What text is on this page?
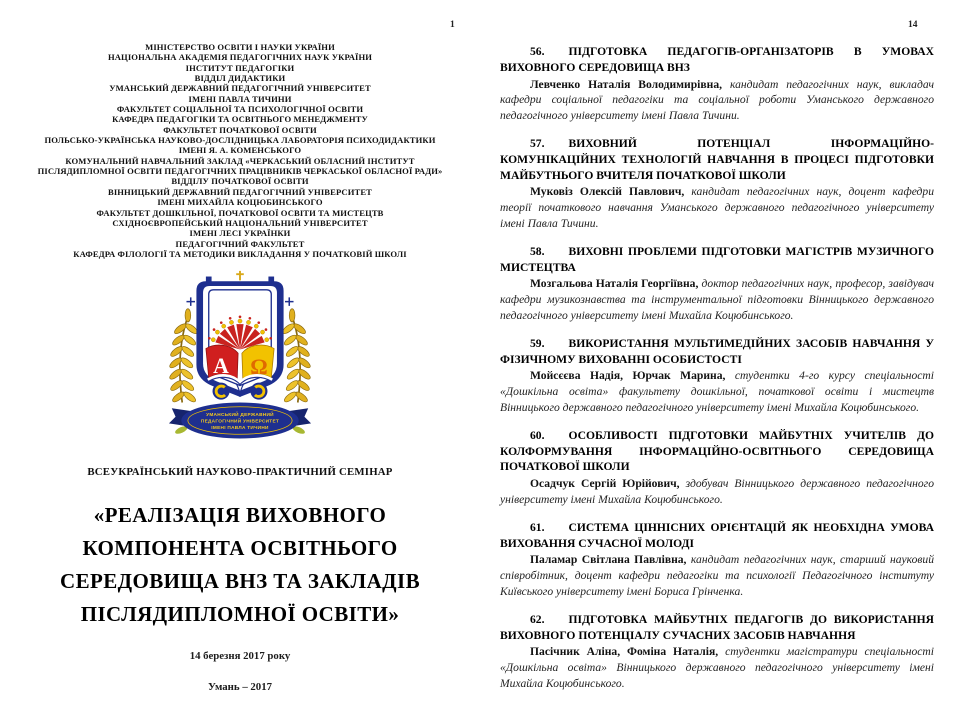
1
МІНІСТЕРСТВО ОСВІТИ І НАУКИ УКРАЇНИ
НАЦІОНАЛЬНА АКАДЕМІЯ ПЕДАГОГІЧНИХ НАУК УКРАЇНИ
ІНСТИТУТ ПЕДАГОГІКИ
ВІДДІЛ ДИДАКТИКИ
УМАНСЬКИЙ ДЕРЖАВНИЙ ПЕДАГОГІЧНИЙ УНІВЕРСИТЕТ
ІМЕНІ ПАВЛА ТИЧИНИ
ФАКУЛЬТЕТ СОЦІАЛЬНОЇ ТА ПСИХОЛОГІЧНОЇ ОСВІТИ
КАФЕДРА ПЕДАГОГІКИ ТА ОСВІТНЬОГО МЕНЕДЖМЕНТУ
ФАКУЛЬТЕТ ПОЧАТКОВОЇ ОСВІТИ
ПОЛЬСЬКО-УКРАЇНСЬКА НАУКОВО-ДОСЛІДНИЦЬКА ЛАБОРАТОРІЯ ПСИХОДИДАКТИКИ
ІМЕНІ Я. А. КОМЕНСЬКОГО
КОМУНАЛЬНИЙ НАВЧАЛЬНИЙ ЗАКЛАД «ЧЕРКАСЬКИЙ ОБЛАСНИЙ ІНСТИТУТ
ПІСЛЯДИПЛОМНОЇ ОСВІТИ ПЕДАГОГІЧНИХ ПРАЦІВНИКІВ ЧЕРКАСЬКОЇ ОБЛАСНОЇ РАДИ»
ВІДДІЛУ ПОЧАТКОВОЇ ОСВІТИ
ВІННИЦЬКИЙ ДЕРЖАВНИЙ ПЕДАГОГІЧНИЙ УНІВЕРСИТЕТ
ІМЕНІ МИХАЙЛА КОЦЮБИНСЬКОГО
ФАКУЛЬТЕТ ДОШКІЛЬНОЇ, ПОЧАТКОВОЇ ОСВІТИ ТА МИСТЕЦТВ
СХІДНОЄВРОПЕЙСЬКИЙ НАЦІОНАЛЬНИЙ УНІВЕРСИТЕТ
ІМЕНІ ЛЕСІ УКРАЇНКИ
ПЕДАГОГІЧНИЙ ФАКУЛЬТЕТ
КАФЕДРА ФІЛОЛОГІЇ ТА МЕТОДИКИ ВИКЛАДАННЯ У ПОЧАТКОВІЙ ШКОЛІ
А Ω
УМАНСЬКИЙ ДЕРЖАВНИЙ
ПЕДАГОГІЧНИЙ УНІВЕРСИТЕТ
ІМЕНІ ПАВЛА ТИЧИНИ
ВСЕУКРАЇНСЬКИЙ НАУКОВО-ПРАКТИЧНИЙ СЕМІНАР
«РЕАЛІЗАЦІЯ ВИХОВНОГО
КОМПОНЕНТА ОСВІТНЬОГО
СЕРЕДОВИЩА ВНЗ ТА ЗАКЛАДІВ
ПІСЛЯДИПЛОМНОЇ ОСВІТИ»
14 березня 2017 року
Умань – 2017
14

56. ПІДГОТОВКА ПЕДАГОГІВ-ОРГАНІЗАТОРІВ В УМОВАХ ВИХОВНОГО СЕРЕДОВИЩА ВНЗ

Левченко Наталія Володимирівна, кандидат педагогічних наук, викладач кафедри соціальної педагогіки та соціальної роботи Уманського державного педагогічного університету імені Павла Тичини.

57. ВИХОВНИЙ ПОТЕНЦІАЛ ІНФОРМАЦІЙНО-КОМУНІКАЦІЙНИХ ТЕХНОЛОГІЙ НАВЧАННЯ В ПРОЦЕСІ ПІДГОТОВКИ МАЙБУТНЬОГО ВЧИТЕЛЯ ПОЧАТКОВОЇ ШКОЛИ

Муковіз Олексій Павлович, кандидат педагогічних наук, доцент кафедри теорії початкового навчання Уманського державного педагогічного університету імені Павла Тичини.

58. ВИХОВНІ ПРОБЛЕМИ ПІДГОТОВКИ МАГІСТРІВ МУЗИЧНОГО МИСТЕЦТВА

Мозгальова Наталія Георгіївна, доктор педагогічних наук, професор, завідувач кафедри музикознавства та інструментальної підготовки Вінницького державного педагогічного університету імені Михайла Коцюбинського.

59. ВИКОРИСТАННЯ МУЛЬТИМЕДІЙНИХ ЗАСОБІВ НАВЧАННЯ У ФІЗИЧНОМУ ВИХОВАННІ ОСОБИСТОСТІ

Мойсєєва Надія, Юрчак Марина, студентки 4-го курсу спеціальності «Дошкільна освіта» факультету дошкільної, початкової освіти і мистецтв Вінницького державного педагогічного університету імені Михайла Коцюбинського.

60. ОСОБЛИВОСТІ ПІДГОТОВКИ МАЙБУТНІХ УЧИТЕЛІВ ДО КОЛФОРМУВАННЯ ІНФОРМАЦІЙНО-ОСВІТНЬОГО СЕРЕДОВИЩА ПОЧАТКОВОЇ ШКОЛИ

Осадчук Сергій Юрійович, здобувач Вінницького державного педагогічного університету імені Михайла Коцюбинського.

61. СИСТЕМА ЦІННІСНИХ ОРІЄНТАЦІЙ ЯК НЕОБХІДНА УМОВА ВИХОВАННЯ СУЧАСНОЇ МОЛОДІ

Паламар Світлана Павлівна, кандидат педагогічних наук, старший науковий співробітник, доцент кафедри педагогіки та психології Педагогічного інституту Київського університету імені Бориса Грінченка.

62. ПІДГОТОВКА МАЙБУТНІХ ПЕДАГОГІВ ДО ВИКОРИСТАННЯ ВИХОВНОГО ПОТЕНЦІАЛУ СУЧАСНИХ ЗАСОБІВ НАВЧАННЯ

Пасічник Аліна, Фоміна Наталія, студентки магістратури спеціальності «Дошкільна освіта» Вінницького державного педагогічного університету імені Михайла Коцюбинського.
